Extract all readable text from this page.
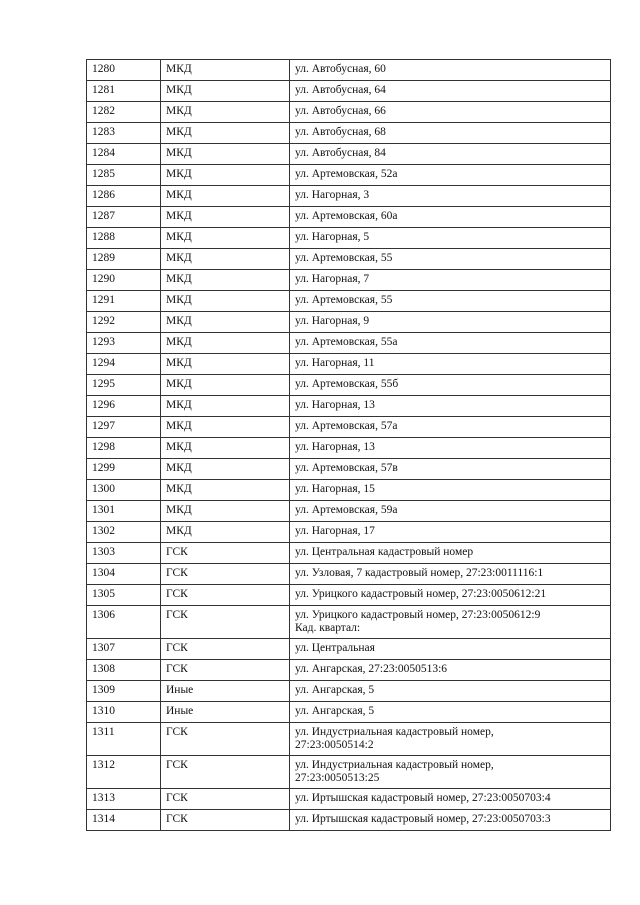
1280	МКД	ул. Автобусная, 60
1281	МКД	ул. Автобусная, 64
1282	МКД	ул. Автобусная, 66
1283	МКД	ул. Автобусная, 68
1284	МКД	ул. Автобусная, 84
1285	МКД	ул. Артемовская, 52а
1286	МКД	ул. Нагорная, 3
1287	МКД	ул. Артемовская, 60а
1288	МКД	ул. Нагорная, 5
1289	МКД	ул. Артемовская, 55
1290	МКД	ул. Нагорная, 7
1291	МКД	ул. Артемовская, 55
1292	МКД	ул. Нагорная, 9
1293	МКД	ул. Артемовская, 55а
1294	МКД	ул. Нагорная, 11
1295	МКД	ул. Артемовская, 55б
1296	МКД	ул. Нагорная, 13
1297	МКД	ул. Артемовская, 57а
1298	МКД	ул. Нагорная, 13
1299	МКД	ул. Артемовская, 57в
1300	МКД	ул. Нагорная, 15
1301	МКД	ул. Артемовская, 59а
1302	МКД	ул. Нагорная, 17
1303	ГСК	ул. Центральная кадастровый номер
1304	ГСК	ул. Узловая, 7 кадастровый номер, 27:23:0011116:1
1305	ГСК	ул. Урицкого кадастровый номер, 27:23:0050612:21
1306	ГСК	ул. Урицкого кадастровый номер, 27:23:0050612:9
Кад. квартал:

1307	ГСК	ул. Центральная
1308	ГСК	ул. Ангарская, 27:23:0050513:6
1309	Иные	ул. Ангарская, 5
1310	Иные	ул. Ангарская, 5
1311	ГСК	ул. Индустриальная кадастровый номер,
27:23:0050514:2
1312	ГСК	ул. Индустриальная кадастровый номер,
27:23:0050513:25
1313	ГСК	ул. Иртышская кадастровый номер, 27:23:0050703:4
1314	ГСК	ул. Иртышская кадастровый номер, 27:23:0050703:3
